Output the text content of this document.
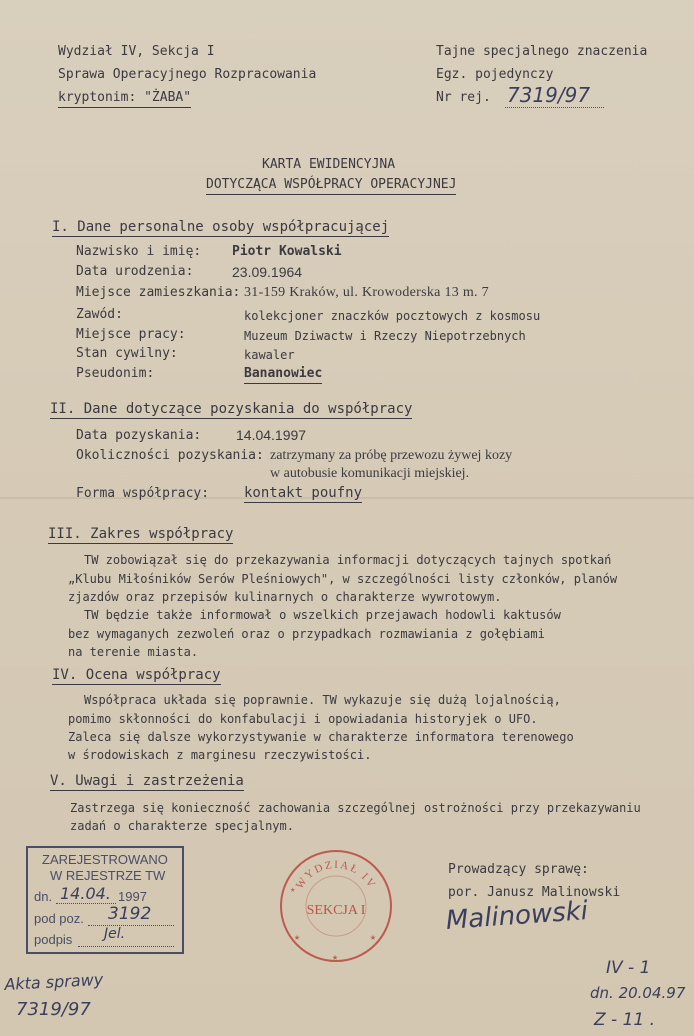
Wydział IV, Sekcja I
Sprawa Operacyjnego Rozpracowania
kryptonim: "ŻABA"
Tajne specjalnego znaczenia
Egz. pojedynczy
Nr rej. 7319/97
KARTA EWIDENCYJNA
DOTYCZĄCA WSPÓŁPRACY OPERACYJNEJ
I. Dane personalne osoby współpracującej
Nazwisko i imię: Piotr Kowalski
Data urodzenia:	23.09.1964
Miejsce zamieszkania: 31-159 Kraków, ul. Krowoderska 13 m. 7
Zawód:	kolekcjoner znaczków pocztowych z kosmosu
Miejsce pracy:	Muzeum Dziwactw i Rzeczy Niepotrzebnych
Stan cywilny:	kawaler
Pseudonim:	Bananowiec
II. Dane dotyczące pozyskania do współpracy
Data pozyskania: 14.04.1997
Okoliczności pozyskania: zatrzymany za próbę przewozu żywej kozy
w autobusie komunikacji miejskiej.
Forma współpracy: kontakt poufny
III. Zakres współpracy
TW zobowiązał się do przekazywania informacji dotyczących tajnych spotkań
„Klubu Miłośników Serów Pleśniowych", w szczególności listy członków, planów
zjazdów oraz przepisów kulinarnych o charakterze wywrotowym.
TW będzie także informował o wszelkich przejawach hodowli kaktusów
bez wymaganych zezwoleń oraz o przypadkach rozmawiania z gołębiami
na terenie miasta.
IV. Ocena współpracy
Współpraca układa się poprawnie. TW wykazuje się dużą lojalnością,
pomimo skłonności do konfabulacji i opowiadania historyjek o UFO.
Zaleca się dalsze wykorzystywanie w charakterze informatora terenowego
w środowiskach z marginesu rzeczywistości.
V. Uwagi i zastrzeżenia
Zastrzega się konieczność zachowania szczególnej ostrożności przy przekazywaniu
zadań o charakterze specjalnym.
ZAREJESTROWANO
W REJESTRZE TW
dn. 14.04. 1997
pod poz. 3192
podpis Jel.
WYDZIAŁ IV
SEKCJA I
★	★
★
★
Prowadzący sprawę:
por. Janusz Malinowski
Malinowski
Akta sprawy
7319/97
IV - 1
dn. 20.04.97
Z - 11 .
